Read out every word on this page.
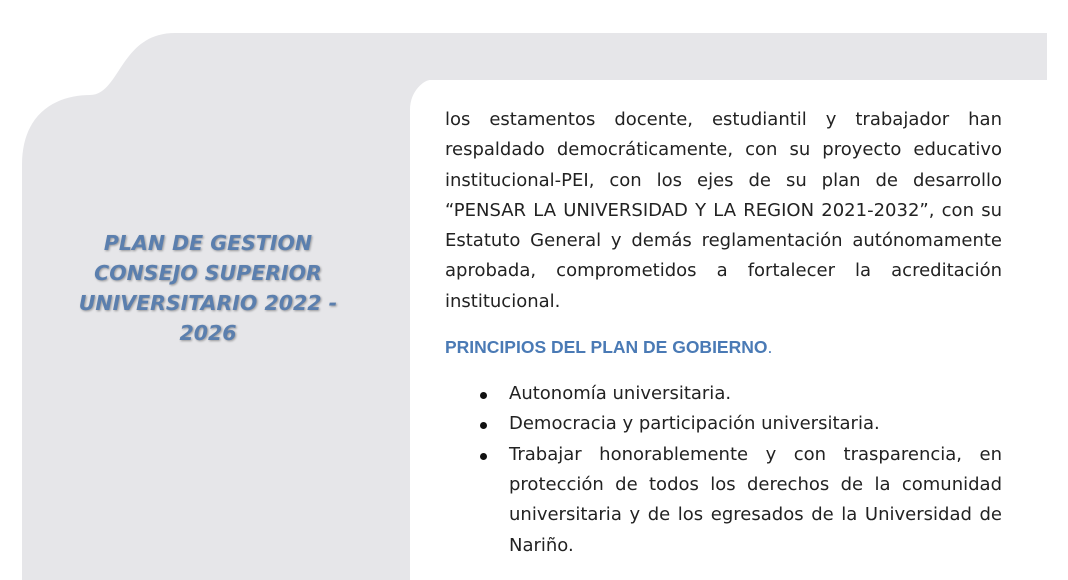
PLAN DE GESTION
CONSEJO SUPERIOR
UNIVERSITARIO 2022 -
2026

los estamentos docente, estudiantil y trabajador han respaldado democráticamente, con su proyecto educativo institucional-PEI, con los ejes de su plan de desarrollo “PENSAR LA UNIVERSIDAD Y LA REGION 2021-2032”, con su Estatuto General y demás reglamentación autónomamente aprobada, comprometidos a fortalecer la acreditación institucional.

PRINCIPIOS DEL PLAN DE GOBIERNO.
Autonomía universitaria.
Democracia y participación universitaria.
Trabajar honorablemente y con trasparencia, en protección de todos los derechos de la comunidad universitaria y de los egresados de la Universidad de Nariño.
